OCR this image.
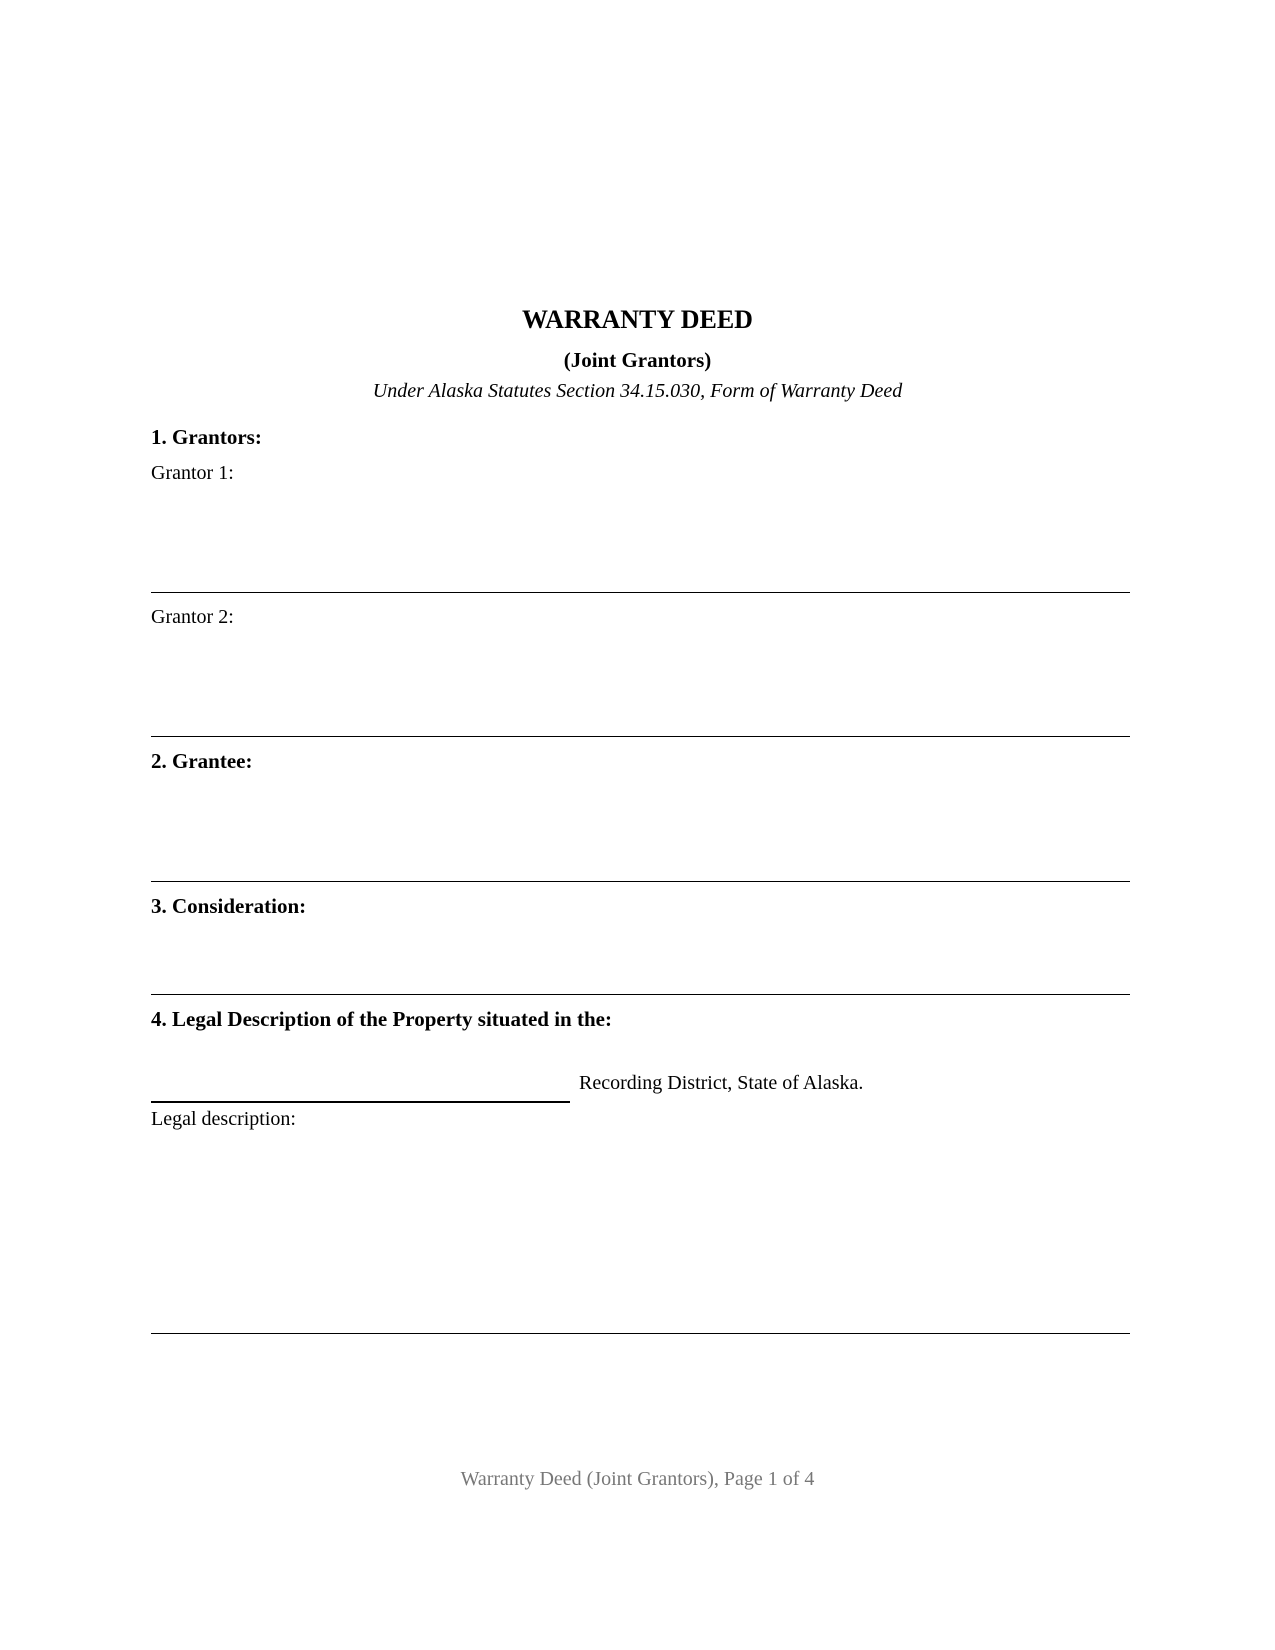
WARRANTY DEED
(Joint Grantors)
Under Alaska Statutes Section 34.15.030, Form of Warranty Deed
1. Grantors:
Grantor 1:
Grantor 2:
2. Grantee:
3. Consideration:
4. Legal Description of the Property situated in the:
Recording District, State of Alaska.
Legal description:
Warranty Deed (Joint Grantors), Page 1 of 4
